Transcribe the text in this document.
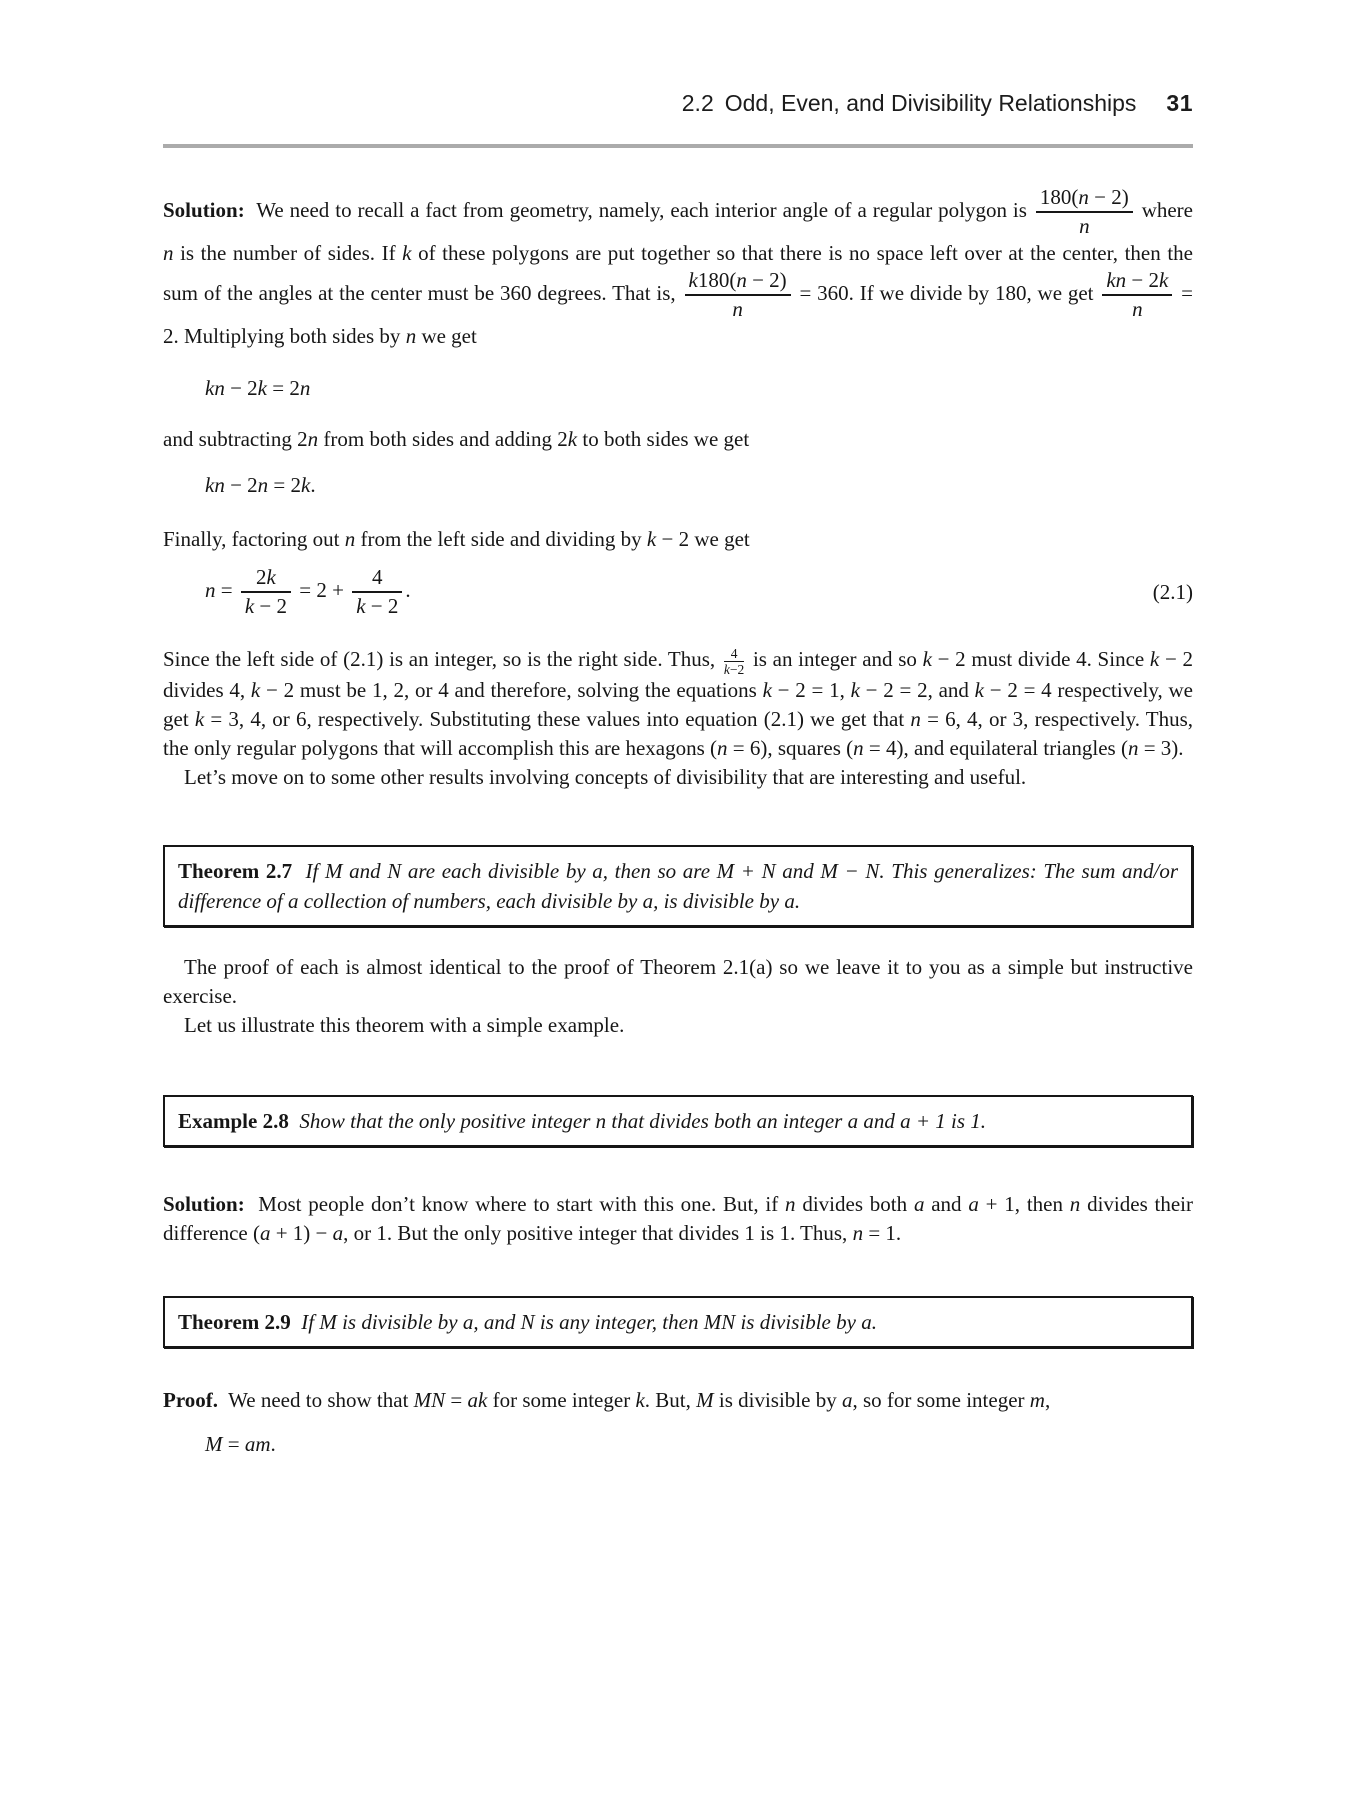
2.2 Odd, Even, and Divisibility Relationships 31

Solution:  We need to recall a fact from geometry, namely, each interior angle of a regular polygon is $\frac{180(n - 2)}{n}$ where n is the number of sides. If k of these polygons are put together so that there is no space left over at the center, then the sum of the angles at the center must be 360 degrees. That is, $\frac{k180(n - 2)}{n} = 360$. If we divide by 180, we get $\frac{kn - 2k}{n} = 2$. Multiplying both sides by n we get

kn − 2k = 2n

and subtracting 2n from both sides and adding 2k to both sides we get

kn − 2n = 2k.

Finally, factoring out n from the left side and dividing by k − 2 we get

$n = \frac{2k}{k - 2} = 2 + \frac{4}{k - 2}$ .	(2.1)

Since the left side of (2.1) is an integer, so is the right side. Thus, $\frac{4}{k-2}$ is an integer and so k − 2 must divide 4. Since k − 2 divides 4, k − 2 must be 1, 2, or 4 and therefore, solving the equations k − 2 = 1, k − 2 = 2, and k − 2 = 4 respectively, we get k = 3, 4, or 6, respectively. Substituting these values into equation (2.1) we get that n = 6, 4, or 3, respectively. Thus, the only regular polygons that will accomplish this are hexagons (n = 6), squares (n = 4), and equilateral triangles (n = 3).

Let’s move on to some other results involving concepts of divisibility that are interesting and useful.

Theorem 2.7 If M and N are each divisible by a, then so are M + N and M − N. This generalizes: The sum and/or difference of a collection of numbers, each divisible by a, is divisible by a.

The proof of each is almost identical to the proof of Theorem 2.1(a) so we leave it to you as a simple but instructive exercise.

Let us illustrate this theorem with a simple example.

Example 2.8 Show that the only positive integer n that divides both an integer a and a + 1 is 1.

Solution:  Most people don’t know where to start with this one. But, if n divides both a and a + 1, then n divides their difference (a + 1) − a, or 1. But the only positive integer that divides 1 is 1. Thus, n = 1.

Theorem 2.9 If M is divisible by a, and N is any integer, then MN is divisible by a.

Proof.  We need to show that MN = ak for some integer k. But, M is divisible by a, so for some integer m,

M = am.
